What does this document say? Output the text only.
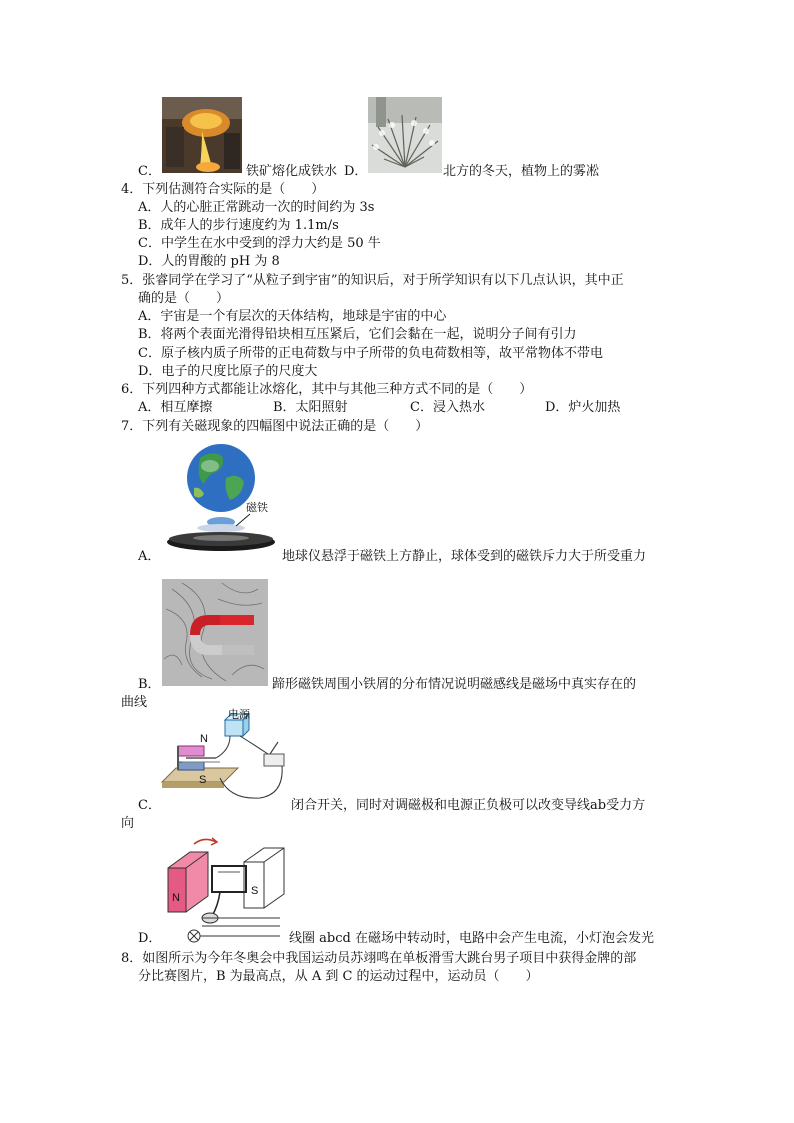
C．	铁矿熔化成铁水 D．	北方的冬天，植物上的雾凇
4．下列估测符合实际的是（　　）
A．人的心脏正常跳动一次的时间约为 3s
B．成年人的步行速度约为 1.1m/s
C．中学生在水中受到的浮力大约是 50 牛
D．人的胃酸的 pH 为 8
5．张睿同学在学习了“从粒子到宇宙”的知识后，对于所学知识有以下几点认识，其中正
确的是（　　）
A．宇宙是一个有层次的天体结构，地球是宇宙的中心
B．将两个表面光滑得铅块相互压紧后，它们会黏在一起，说明分子间有引力
C．原子核内质子所带的正电荷数与中子所带的负电荷数相等，故平常物体不带电
D．电子的尺度比原子的尺度大
6．下列四种方式都能让冰熔化，其中与其他三种方式不同的是（　　）
A．相互摩擦	B．太阳照射	C．浸入热水	D．炉火加热
7．下列有关磁现象的四幅图中说法正确的是（　　）
磁铁
A．	地球仪悬浮于磁铁上方静止，球体受到的磁铁斥力大于所受重力
B．	蹄形磁铁周围小铁屑的分布情况说明磁感线是磁场中真实存在的
曲线
电源
N
S
C．	闭合开关，同时对调磁极和电源正负极可以改变导线ab受力方
向
N
S
D．	线圈 abcd 在磁场中转动时，电路中会产生电流，小灯泡会发光
8．如图所示为今年冬奥会中我国运动员苏翊鸣在单板滑雪大跳台男子项目中获得金牌的部
分比赛图片，B 为最高点，从 A 到 C 的运动过程中，运动员（　　）
